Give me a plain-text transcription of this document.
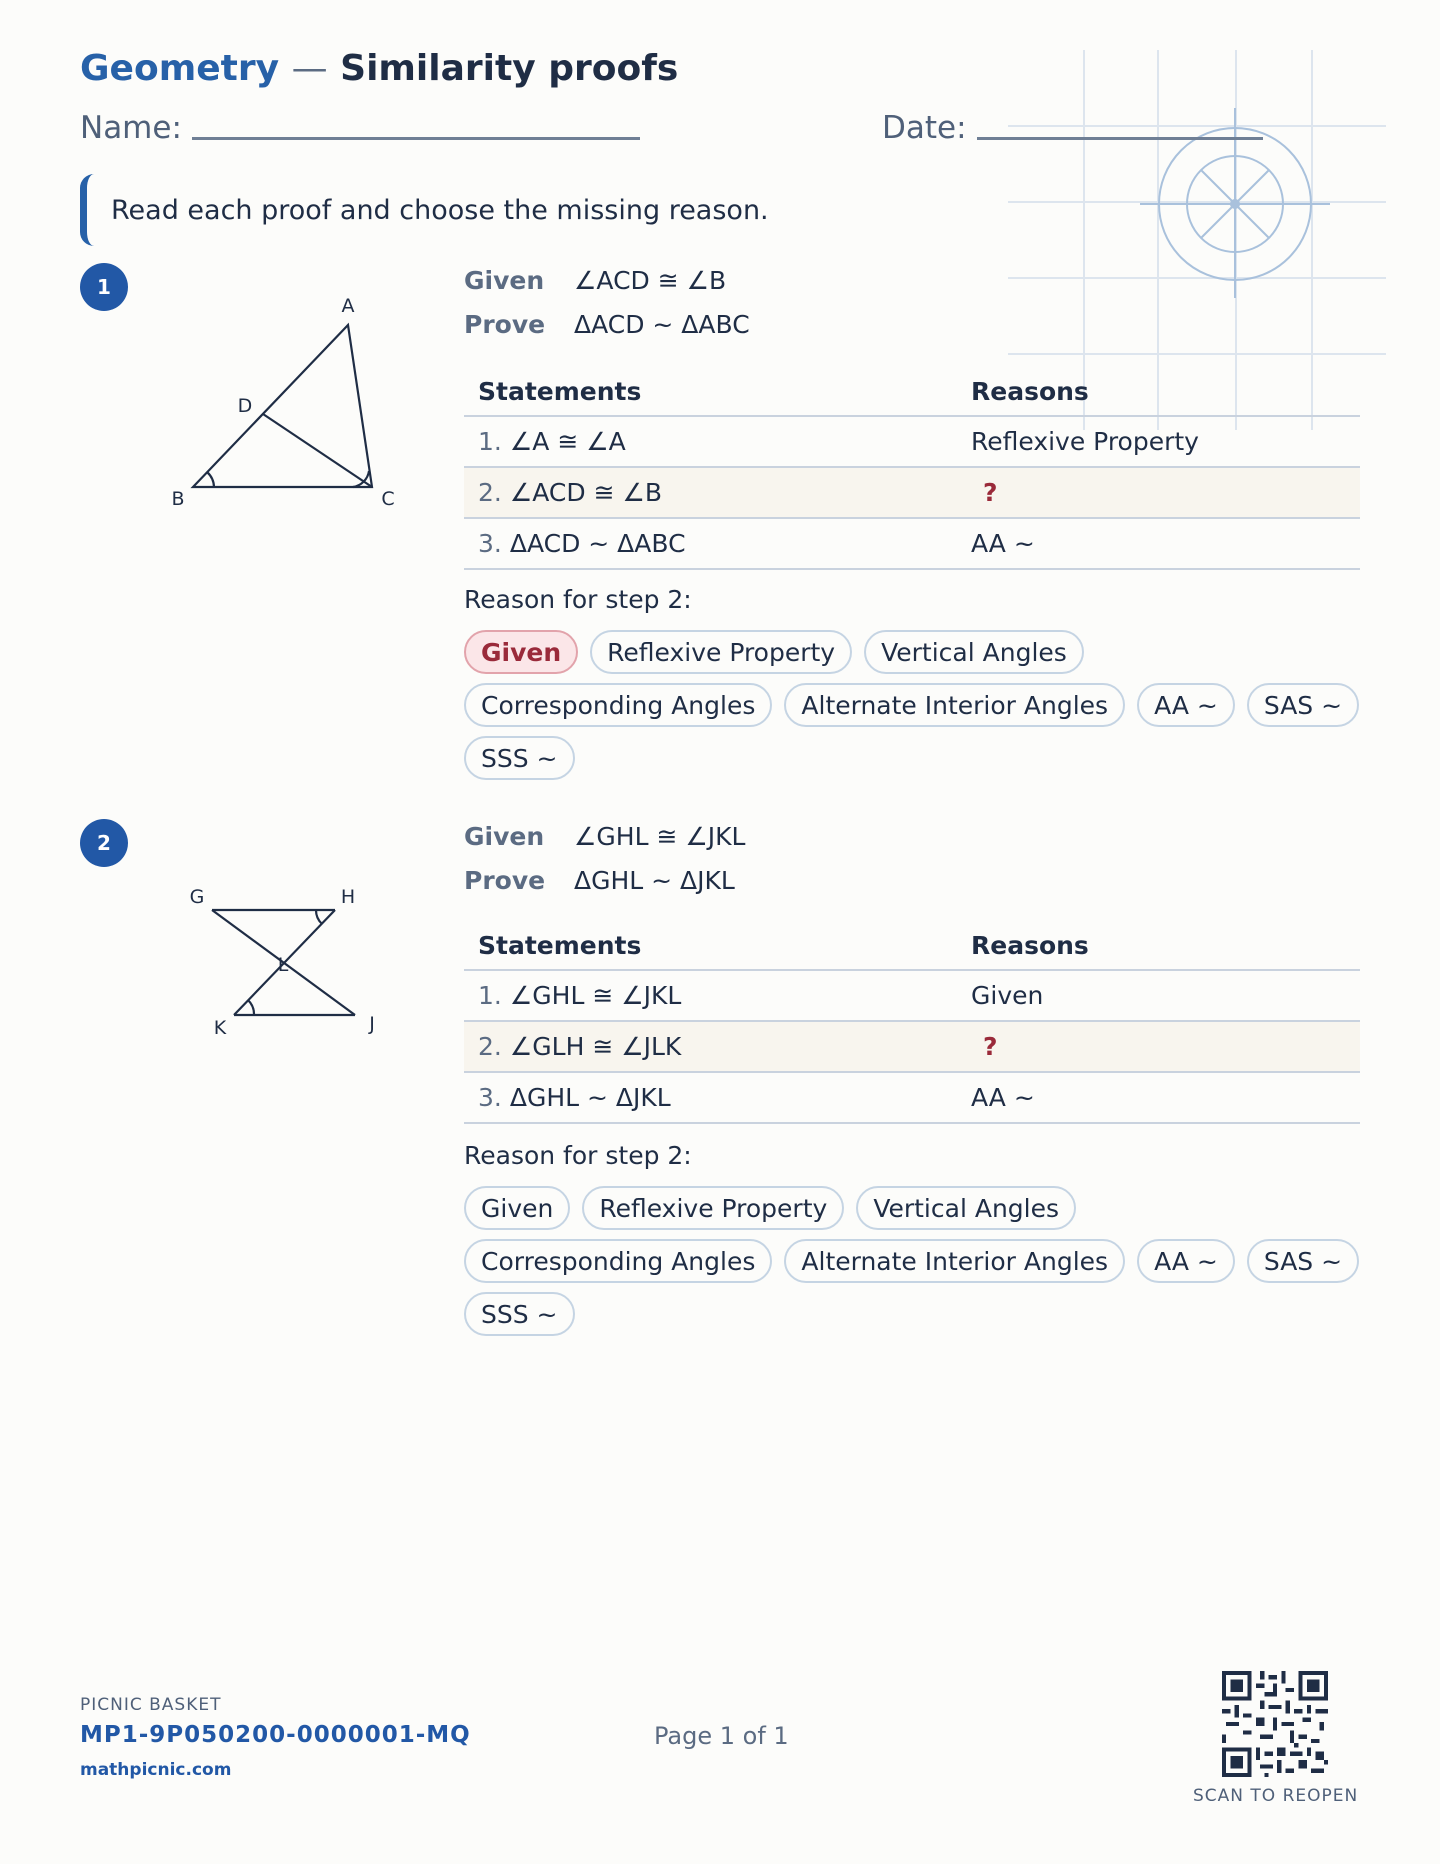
Geometry — Similarity proofs
Name:	Date:
Read each proof and choose the missing reason.
1
A
B	C
D
Given	∠ACD ≅ ∠B
Prove	ΔACD ~ ΔABC
Statements	Reasons
1. ∠A ≅ ∠A	Reflexive Property
2. ∠ACD ≅ ∠B	?
3. ΔACD ~ ΔABC	AA ~
Reason for step 2:
Given	Reflexive Property	Vertical Angles
Corresponding Angles	Alternate Interior Angles	AA ~	SAS ~
SSS ~
2
G	H
L
K	J
Given	∠GHL ≅ ∠JKL
Prove	ΔGHL ~ ΔJKL
Statements	Reasons
1. ∠GHL ≅ ∠JKL	Given
2. ∠GLH ≅ ∠JLK	?
3. ΔGHL ~ ΔJKL	AA ~
Reason for step 2:
Given	Reflexive Property	Vertical Angles
Corresponding Angles	Alternate Interior Angles	AA ~	SAS ~
SSS ~
PICNIC BASKET
MP1-9P050200-0000001-MQ
mathpicnic.com
Page 1 of 1
SCAN TO REOPEN
